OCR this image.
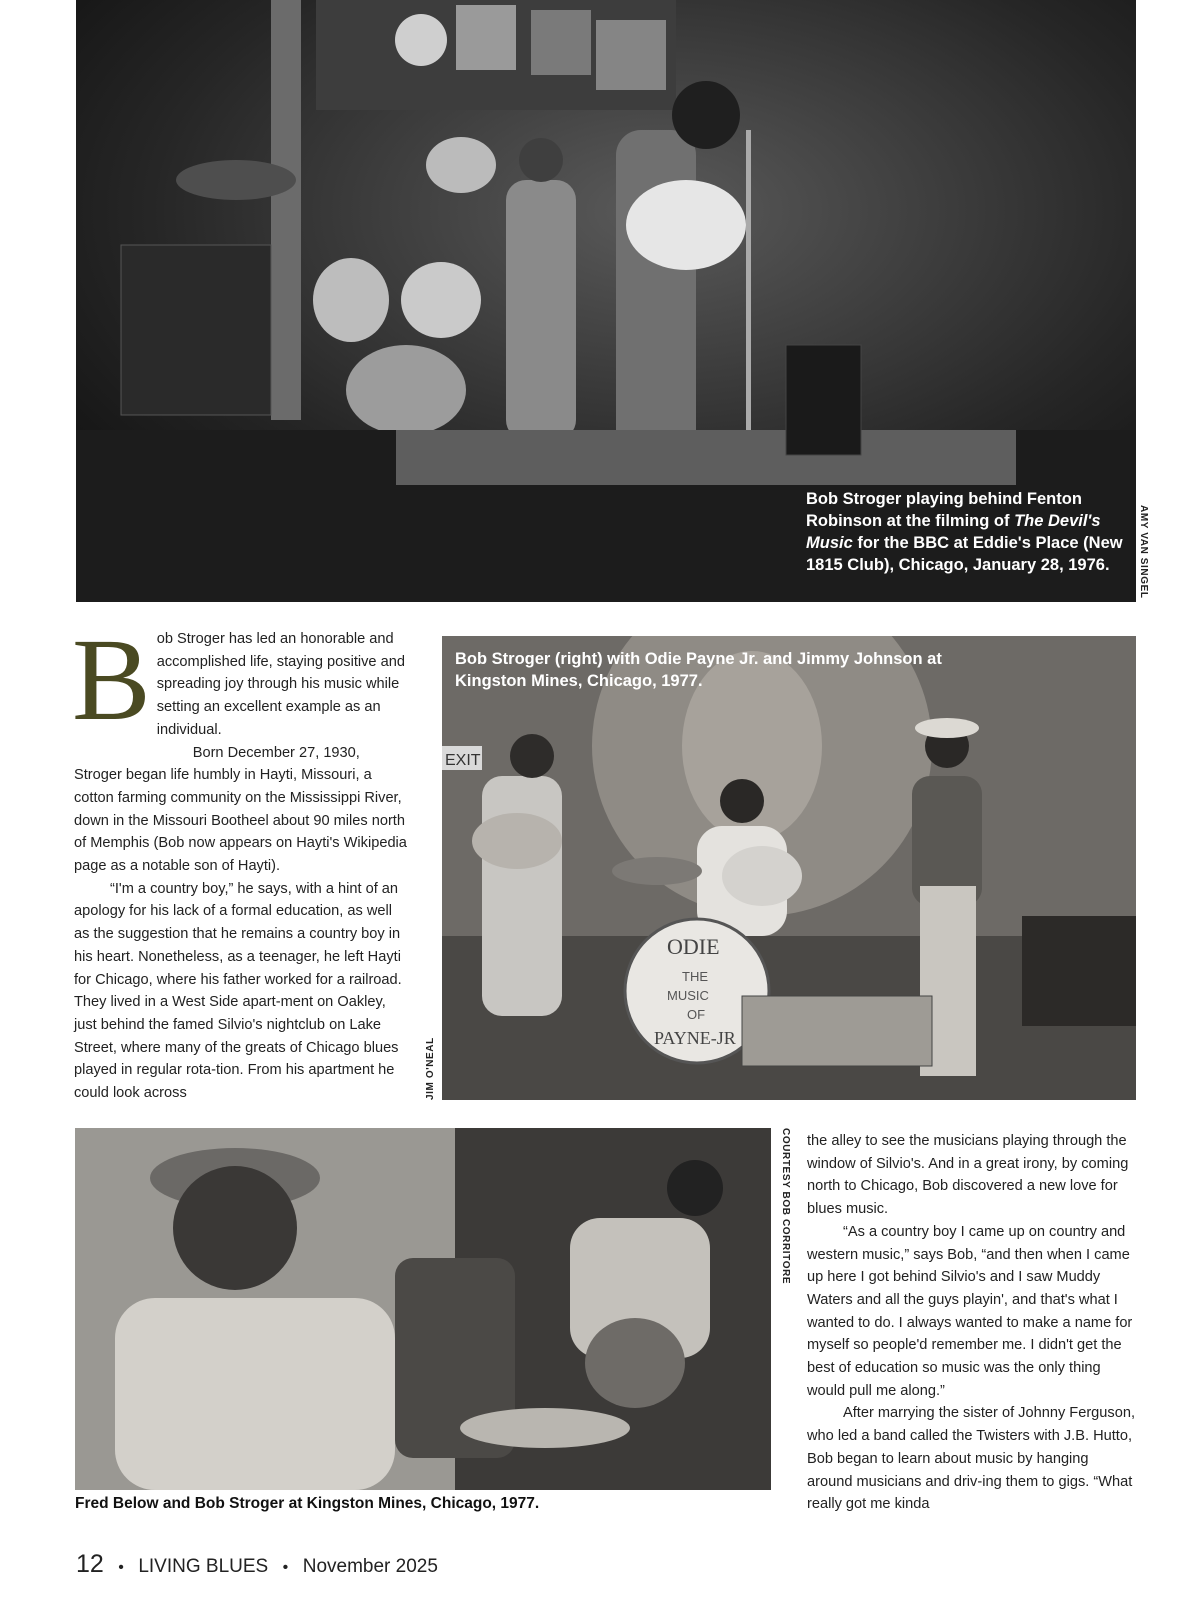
Bob Stroger playing behind Fenton Robinson at the filming of The Devil's Music for the BBC at Eddie's Place (New 1815 Club), Chicago, January 28, 1976.	AMY VAN SINGEL
B ob Stroger has led an honorable and accomplished life, staying positive and spreading joy through his music while setting an excellent example as an individual.

Born December 27, 1930, Stroger began life humbly in Hayti, Missouri, a cotton farming community on the Mississippi River, down in the Missouri Bootheel about 90 miles north of Memphis (Bob now appears on Hayti's Wikipedia page as a notable son of Hayti).

“I'm a country boy,” he says, with a hint of an apology for his lack of a formal education, as well as the suggestion that he remains a country boy in his heart. Nonetheless, as a teenager, he left Hayti for Chicago, where his father worked for a railroad. They lived in a West Side apart-ment on Oakley, just behind the famed Silvio's nightclub on Lake Street, where many of the greats of Chicago blues played in regular rota-tion. From his apartment he could look across

EXIT
ODIE
THE
MUSIC
OF
PAYNE-JR
Bob Stroger (right) with Odie Payne Jr. and Jimmy Johnson at Kingston Mines, Chicago, 1977.
JIM O'NEAL
COURTESY BOB CORRITORE
Fred Below and Bob Stroger at Kingston Mines, Chicago, 1977.

the alley to see the musicians playing through the window of Silvio's. And in a great irony, by coming north to Chicago, Bob discovered a new love for blues music.

“As a country boy I came up on country and western music,” says Bob, “and then when I came up here I got behind Silvio's and I saw Muddy Waters and all the guys playin', and that's what I wanted to do. I always wanted to make a name for myself so people'd remember me. I didn't get the best of education so music was the only thing would pull me along.”

After marrying the sister of Johnny Ferguson, who led a band called the Twisters with J.B. Hutto, Bob began to learn about music by hanging around musicians and driv-ing them to gigs. “What really got me kinda

12 • LIVING BLUES • November 2025
